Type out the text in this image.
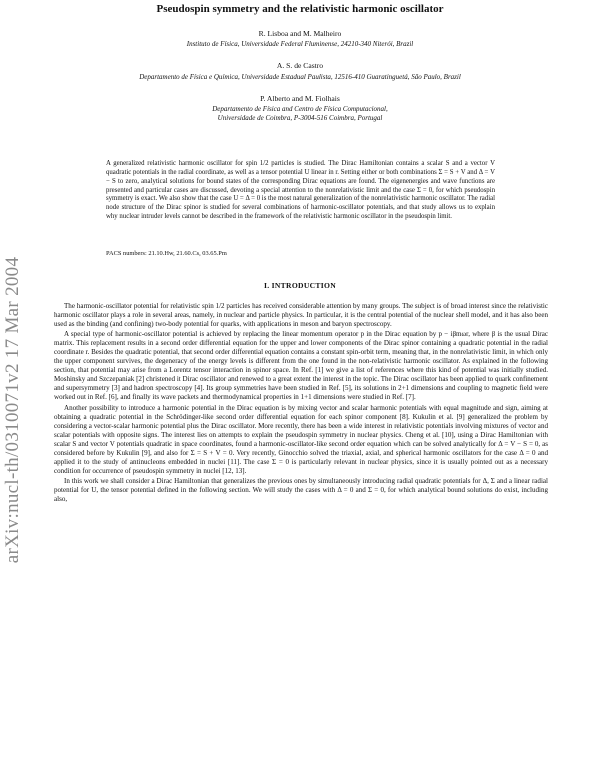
arXiv:nucl-th/0310071v2 17 Mar 2004
Pseudospin symmetry and the relativistic harmonic oscillator
R. Lisboa and M. Malheiro
Instituto de Física, Universidade Federal Fluminense, 24210-340 Niterói, Brazil
A. S. de Castro
Departamento de Física e Química, Universidade Estadual Paulista, 12516-410 Guaratinguetá, São Paulo, Brazil
P. Alberto and M. Fiolhais
Departamento de Física and Centro de Física Computacional,
Universidade de Coimbra, P-3004-516 Coimbra, Portugal

A generalized relativistic harmonic oscillator for spin 1/2 particles is studied. The Dirac Hamiltonian contains a scalar S and a vector V quadratic potentials in the radial coordinate, as well as a tensor potential U linear in r. Setting either or both combinations Σ = S + V and Δ = V − S to zero, analytical solutions for bound states of the corresponding Dirac equations are found. The eigenenergies and wave functions are presented and particular cases are discussed, devoting a special attention to the nonrelativistic limit and the case Σ = 0, for which pseudospin symmetry is exact. We also show that the case U = Δ = 0 is the most natural generalization of the nonrelativistic harmonic oscillator. The radial node structure of the Dirac spinor is studied for several combinations of harmonic-oscillator potentials, and that study allows us to explain why nuclear intruder levels cannot be described in the framework of the relativistic harmonic oscillator in the pseudospin limit.

PACS numbers: 21.10.Hw, 21.60.Cs, 03.65.Pm

I. INTRODUCTION

The harmonic-oscillator potential for relativistic spin 1/2 particles has received considerable attention by many groups. The subject is of broad interest since the relativistic harmonic oscillator plays a role in several areas, namely, in nuclear and particle physics. In particular, it is the central potential of the nuclear shell model, and it has also been used as the binding (and confining) two-body potential for quarks, with applications in meson and baryon spectroscopy.

A special type of harmonic-oscillator potential is achieved by replacing the linear momentum operator p in the Dirac equation by p − iβmωr, where β is the usual Dirac matrix. This replacement results in a second order differential equation for the upper and lower components of the Dirac spinor containing a quadratic potential in the radial coordinate r. Besides the quadratic potential, that second order differential equation contains a constant spin-orbit term, meaning that, in the nonrelativistic limit, in which only the upper component survives, the degeneracy of the energy levels is different from the one found in the non-relativistic harmonic oscillator. As explained in the following section, that potential may arise from a Lorentz tensor interaction in spinor space. In Ref. [1] we give a list of references where this kind of potential was initially studied. Moshinsky and Szczepaniak [2] christened it Dirac oscillator and renewed to a great extent the interest in the topic. The Dirac oscillator has been applied to quark confinement and supersymmetry [3] and hadron spectroscopy [4]. Its group symmetries have been studied in Ref. [5], its solutions in 2+1 dimensions and coupling to magnetic field were worked out in Ref. [6], and finally its wave packets and thermodynamical properties in 1+1 dimensions were studied in Ref. [7].

Another possibility to introduce a harmonic potential in the Dirac equation is by mixing vector and scalar harmonic potentials with equal magnitude and sign, aiming at obtaining a quadratic potential in the Schrödinger-like second order differential equation for each spinor component [8]. Kukulin et al. [9] generalized the problem by considering a vector-scalar harmonic potential plus the Dirac oscillator. More recently, there has been a wide interest in relativistic potentials involving mixtures of vector and scalar potentials with opposite signs. The interest lies on attempts to explain the pseudospin symmetry in nuclear physics. Cheng et al. [10], using a Dirac Hamiltonian with scalar S and vector V potentials quadratic in space coordinates, found a harmonic-oscillator-like second order equation which can be solved analytically for Δ = V − S = 0, as considered before by Kukulin [9], and also for Σ = S + V = 0. Very recently, Ginocchio solved the triaxial, axial, and spherical harmonic oscillators for the case Δ = 0 and applied it to the study of antinucleons embedded in nuclei [11]. The case Σ = 0 is particularly relevant in nuclear physics, since it is usually pointed out as a necessary condition for occurrence of pseudospin symmetry in nuclei [12, 13].

In this work we shall consider a Dirac Hamiltonian that generalizes the previous ones by simultaneously introducing radial quadratic potentials for Δ, Σ and a linear radial potential for U, the tensor potential defined in the following section. We will study the cases with Δ = 0 and Σ = 0, for which analytical bound solutions do exist, including also,
